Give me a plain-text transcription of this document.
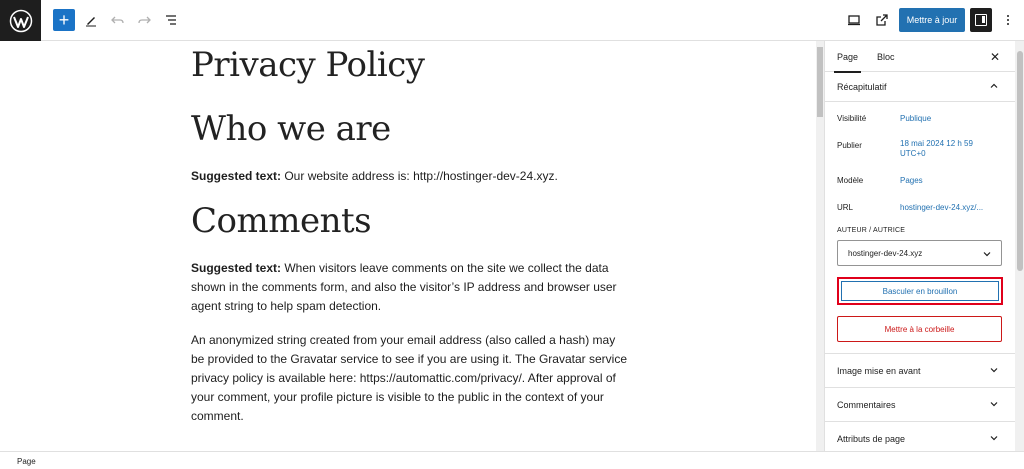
+	Mettre à jour
Privacy Policy
Who we are
Suggested text: Our website address is: http://hostinger-dev-24.xyz.
Comments
Suggested text: When visitors leave comments on the site we collect the data shown in the comments form, and also the visitor’s IP address and browser user agent string to help spam detection.
An anonymized string created from your email address (also called a hash) may be provided to the Gravatar service to see if you are using it. The Gravatar service privacy policy is available here: https://automattic.com/privacy/. After approval of your comment, your profile picture is visible to the public in the context of your comment.
Page Bloc	✕
Récapitulatif
Visibilité	Publique
Publier	18 mai 2024 12 h 59 UTC+0
Modèle	Pages
URL	hostinger-dev-24.xyz/...
AUTEUR / AUTRICE
hostinger-dev-24.xyz
Basculer en brouillon
Mettre à la corbeille
Image mise en avant
Commentaires
Attributs de page
Page
